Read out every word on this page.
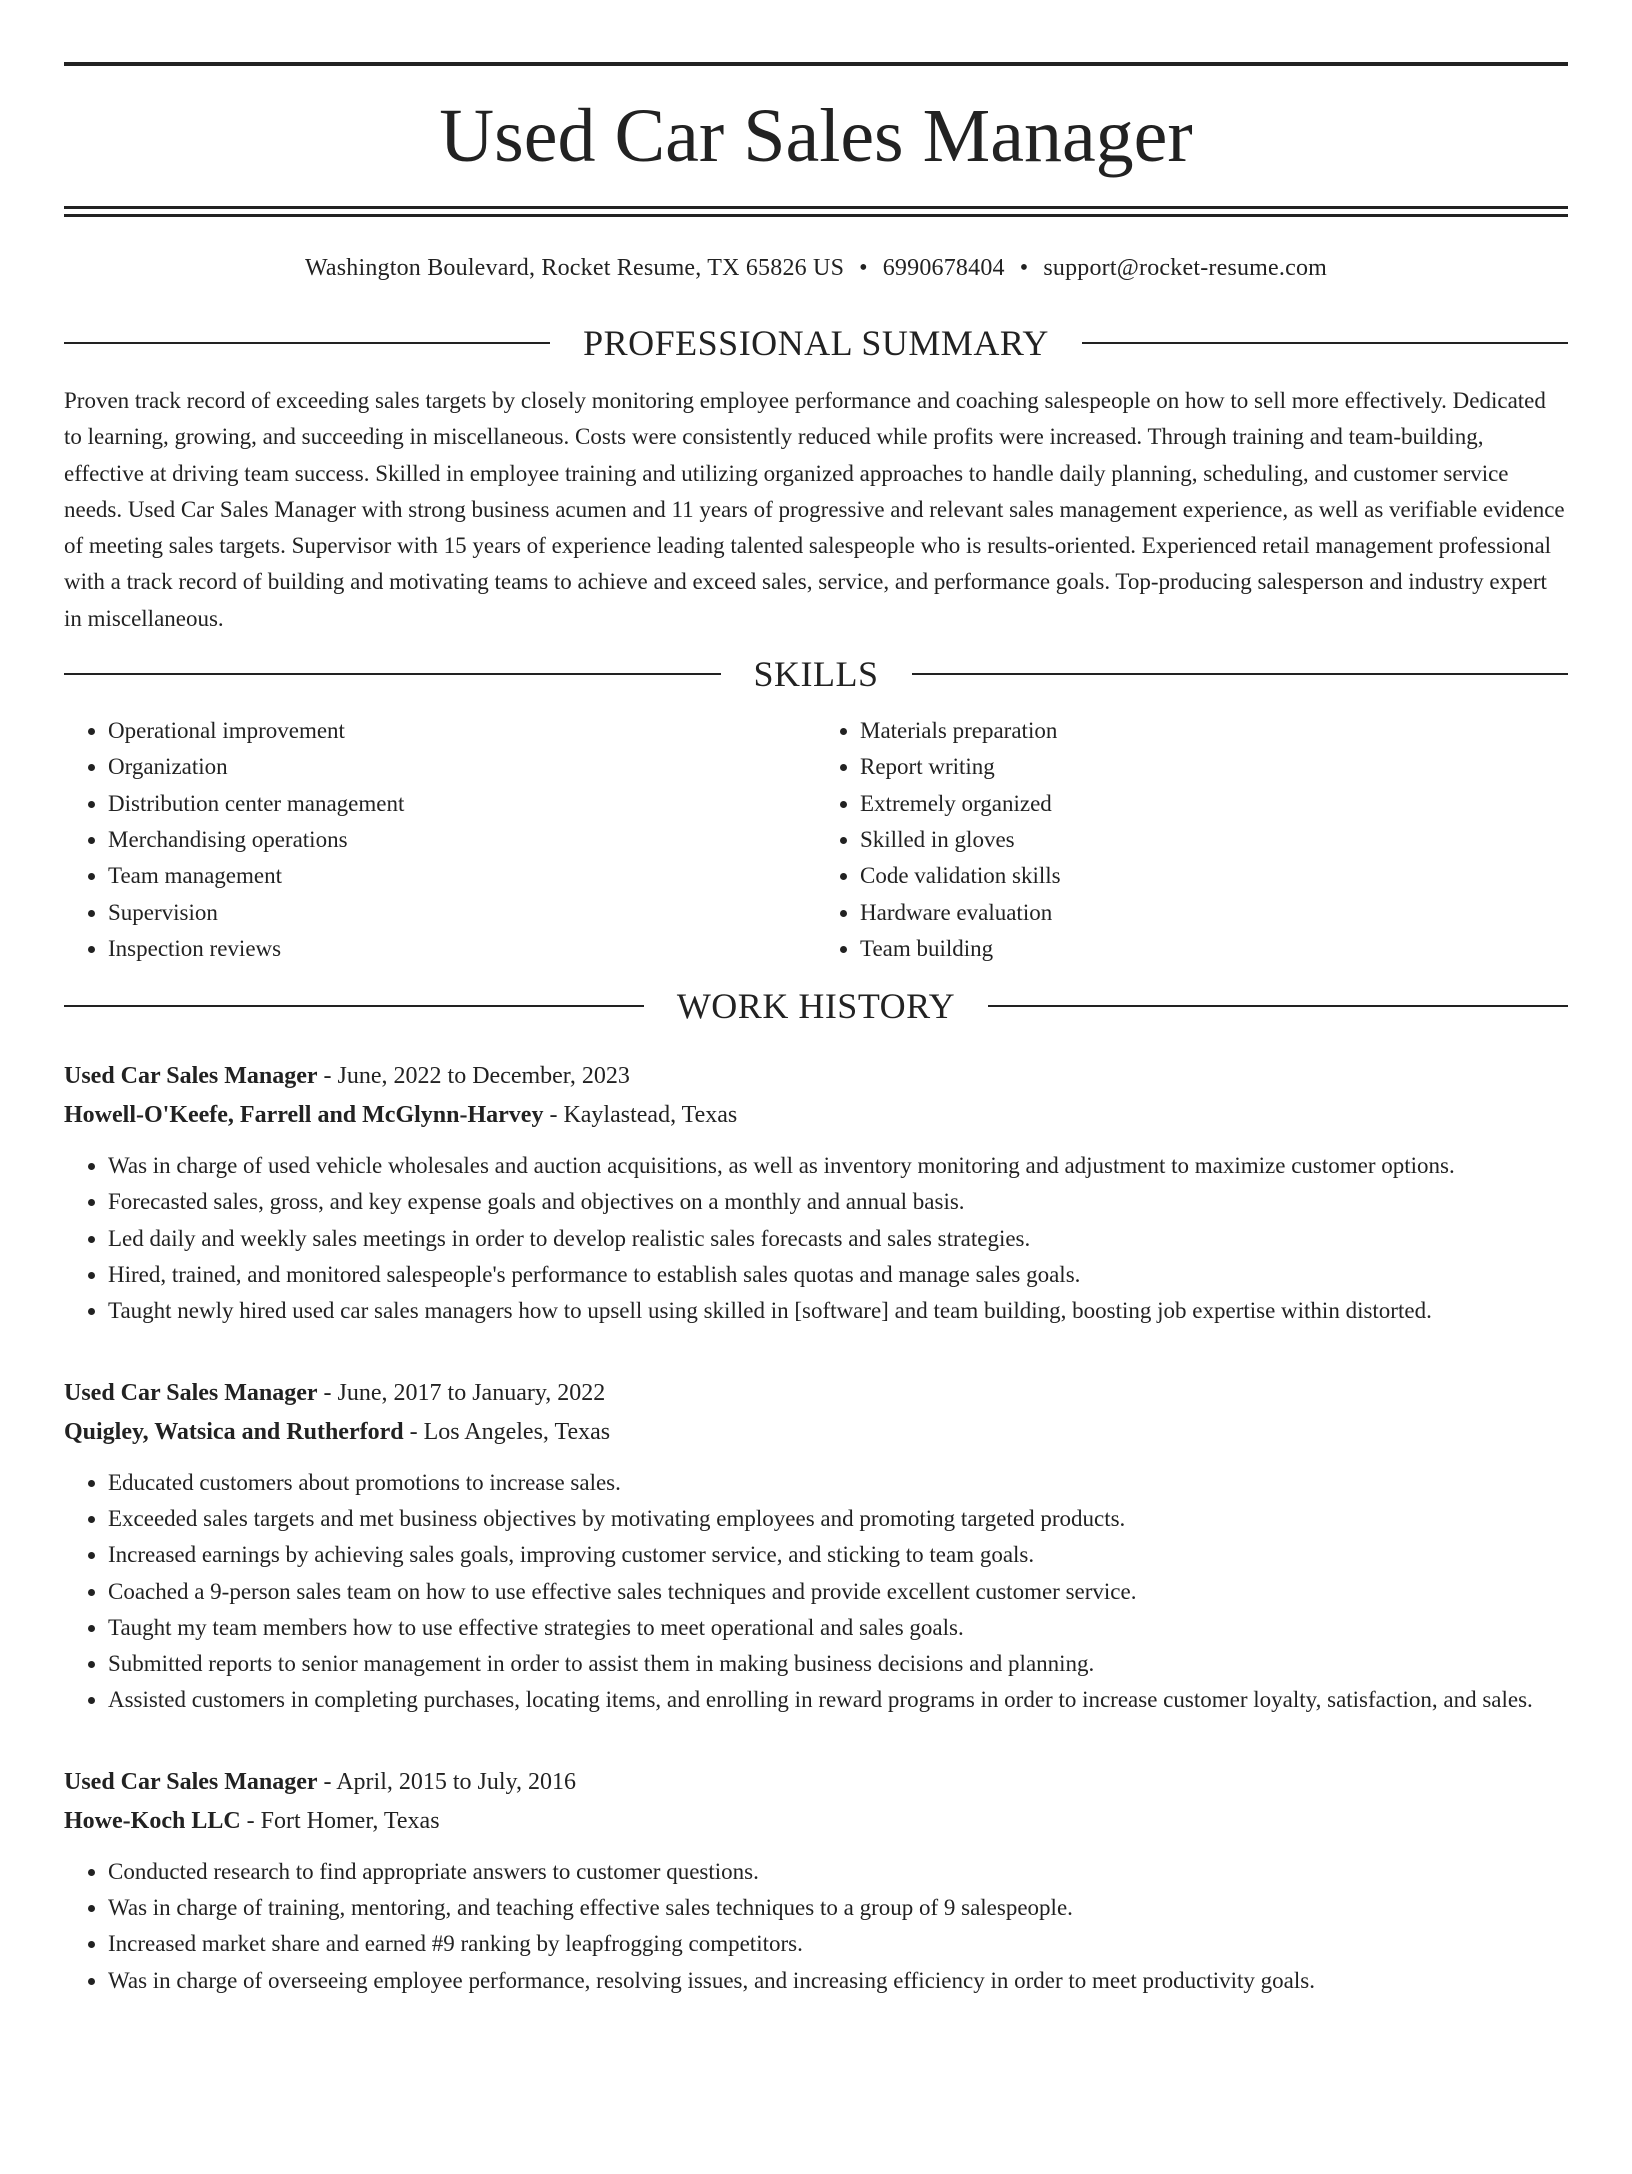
Used Car Sales Manager
Washington Boulevard, Rocket Resume, TX 65826 US • 6990678404 • support@rocket-resume.com
PROFESSIONAL SUMMARY
Proven track record of exceeding sales targets by closely monitoring employee performance and coaching salespeople on how to sell more effectively. Dedicated to learning, growing, and succeeding in miscellaneous. Costs were consistently reduced while profits were increased. Through training and team-building, effective at driving team success. Skilled in employee training and utilizing organized approaches to handle daily planning, scheduling, and customer service needs. Used Car Sales Manager with strong business acumen and 11 years of progressive and relevant sales management experience, as well as verifiable evidence of meeting sales targets. Supervisor with 15 years of experience leading talented salespeople who is results-oriented. Experienced retail management professional with a track record of building and motivating teams to achieve and exceed sales, service, and performance goals. Top-producing salesperson and industry expert in miscellaneous.
SKILLS
• Operational improvement
• Organization
• Distribution center management
• Merchandising operations
• Team management
• Supervision
• Inspection reviews
• Materials preparation
• Report writing
• Extremely organized
• Skilled in gloves
• Code validation skills
• Hardware evaluation
• Team building
WORK HISTORY
Used Car Sales Manager - June, 2022 to December, 2023
Howell-O'Keefe, Farrell and McGlynn-Harvey - Kaylastead, Texas
• Was in charge of used vehicle wholesales and auction acquisitions, as well as inventory monitoring and adjustment to maximize customer options.
• Forecasted sales, gross, and key expense goals and objectives on a monthly and annual basis.
• Led daily and weekly sales meetings in order to develop realistic sales forecasts and sales strategies.
• Hired, trained, and monitored salespeople's performance to establish sales quotas and manage sales goals.
• Taught newly hired used car sales managers how to upsell using skilled in [software] and team building, boosting job expertise within distorted.
Used Car Sales Manager - June, 2017 to January, 2022
Quigley, Watsica and Rutherford - Los Angeles, Texas
• Educated customers about promotions to increase sales.
• Exceeded sales targets and met business objectives by motivating employees and promoting targeted products.
• Increased earnings by achieving sales goals, improving customer service, and sticking to team goals.
• Coached a 9-person sales team on how to use effective sales techniques and provide excellent customer service.
• Taught my team members how to use effective strategies to meet operational and sales goals.
• Submitted reports to senior management in order to assist them in making business decisions and planning.
• Assisted customers in completing purchases, locating items, and enrolling in reward programs in order to increase customer loyalty, satisfaction, and sales.
Used Car Sales Manager - April, 2015 to July, 2016
Howe-Koch LLC - Fort Homer, Texas
• Conducted research to find appropriate answers to customer questions.
• Was in charge of training, mentoring, and teaching effective sales techniques to a group of 9 salespeople.
• Increased market share and earned #9 ranking by leapfrogging competitors.
• Was in charge of overseeing employee performance, resolving issues, and increasing efficiency in order to meet productivity goals.
